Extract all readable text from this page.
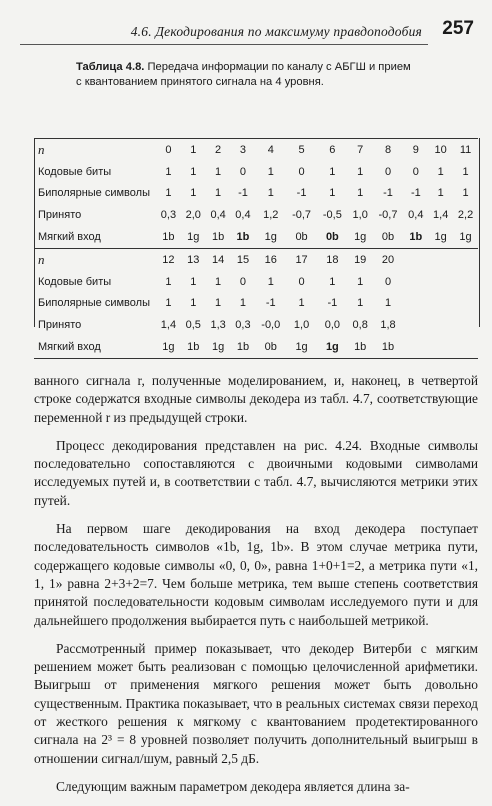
4.6. Декодирования по максимуму правдоподобия 257
Таблица 4.8. Передача информации по каналу с АБГШ и прием с квантованием принятого сигнала на 4 уровня.
n	0	1	2	3	4	5	6	7	8	9	10	11
Кодовые биты	1	1	1	0	1	0	1	1	0	0	1	1
Биполярные символы	1	1	1	-1	1	-1	1	1	-1	-1	1	1
Принято	0,3	2,0	0,4	0,4	1,2	-0,7	-0,5	1,0	-0,7	0,4	1,4	2,2
Мягкий вход	1b	1g	1b	1b	1g	0b	0b	1g	0b	1b	1g	1g
n	12	13	14	15	16	17	18	19	20			
Кодовые биты	1	1	1	0	1	0	1	1	0			
Биполярные символы	1	1	1	1	-1	1	-1	1	1			
Принято	1,4	0,5	1,3	0,3	-0,0	1,0	0,0	0,8	1,8			
Мягкий вход	1g	1b	1g	1b	0b	1g	1g	1b	1b			

ванного сигнала r, полученные моделированием, и, наконец, в четвертой строке содержатся входные символы декодера из табл. 4.7, соответствующие переменной r из предыдущей строки.

Процесс декодирования представлен на рис. 4.24. Входные символы последовательно сопоставляются с двоичными кодовыми символами исследуемых путей и, в соответствии с табл. 4.7, вычисляются метрики этих путей.

На первом шаге декодирования на вход декодера поступает последовательность символов «1b, 1g, 1b». В этом случае метрика пути, содержащего кодовые символы «0, 0, 0», равна 1+0+1=2, а метрика пути «1, 1, 1» равна 2+3+2=7. Чем больше метрика, тем выше степень соответствия принятой последовательности кодовым символам исследуемого пути и для дальнейшего продолжения выбирается путь с наибольшей метрикой.

Рассмотренный пример показывает, что декодер Витерби с мягким решением может быть реализован с помощью целочисленной арифметики. Выигрыш от применения мягкого решения может быть довольно существенным. Практика показывает, что в реальных системах связи переход от жесткого решения к мягкому с квантованием продетектированного сигнала на 2³ = 8 уровней позволяет получить дополнительный выигрыш в отношении сигнал/шум, равный 2,5 дБ.

Следующим важным параметром декодера является длина за-
